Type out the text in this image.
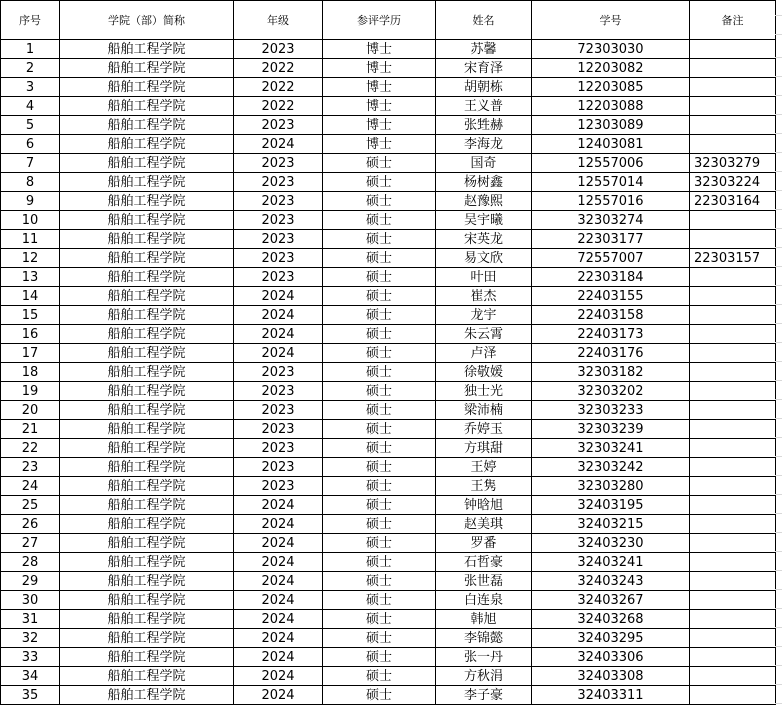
序号	学院（部）简称	年级	参评学历	姓名	学号	备注
1	船舶工程学院	2023	博士	苏馨	72303030	
2	船舶工程学院	2022	博士	宋育泽	12203082	
3	船舶工程学院	2022	博士	胡朝栋	12203085	
4	船舶工程学院	2022	博士	王义普	12203088	
5	船舶工程学院	2023	博士	张甡赫	12303089	
6	船舶工程学院	2024	博士	李海龙	12403081	
7	船舶工程学院	2023	硕士	国奇	12557006	32303279
8	船舶工程学院	2023	硕士	杨树鑫	12557014	32303224
9	船舶工程学院	2023	硕士	赵豫熙	12557016	22303164
10	船舶工程学院	2023	硕士	吴宇曦	32303274	
11	船舶工程学院	2023	硕士	宋英龙	22303177	
12	船舶工程学院	2023	硕士	易文欣	72557007	22303157
13	船舶工程学院	2023	硕士	叶田	22303184	
14	船舶工程学院	2024	硕士	崔杰	22403155	
15	船舶工程学院	2024	硕士	龙宇	22403158	
16	船舶工程学院	2024	硕士	朱云霄	22403173	
17	船舶工程学院	2024	硕士	卢泽	22403176	
18	船舶工程学院	2023	硕士	徐敬媛	32303182	
19	船舶工程学院	2023	硕士	独士光	32303202	
20	船舶工程学院	2023	硕士	梁沛楠	32303233	
21	船舶工程学院	2023	硕士	乔婷玉	32303239	
22	船舶工程学院	2023	硕士	方琪甜	32303241	
23	船舶工程学院	2023	硕士	王婷	32303242	
24	船舶工程学院	2023	硕士	王隽	32303280	
25	船舶工程学院	2024	硕士	钟晗旭	32403195	
26	船舶工程学院	2024	硕士	赵美琪	32403215	
27	船舶工程学院	2024	硕士	罗番	32403230	
28	船舶工程学院	2024	硕士	石哲豪	32403241	
29	船舶工程学院	2024	硕士	张世磊	32403243	
30	船舶工程学院	2024	硕士	白连泉	32403267	
31	船舶工程学院	2024	硕士	韩旭	32403268	
32	船舶工程学院	2024	硕士	李锦懿	32403295	
33	船舶工程学院	2024	硕士	张一丹	32403306	
34	船舶工程学院	2024	硕士	方秋涓	32403308	
35	船舶工程学院	2024	硕士	李子豪	32403311	
